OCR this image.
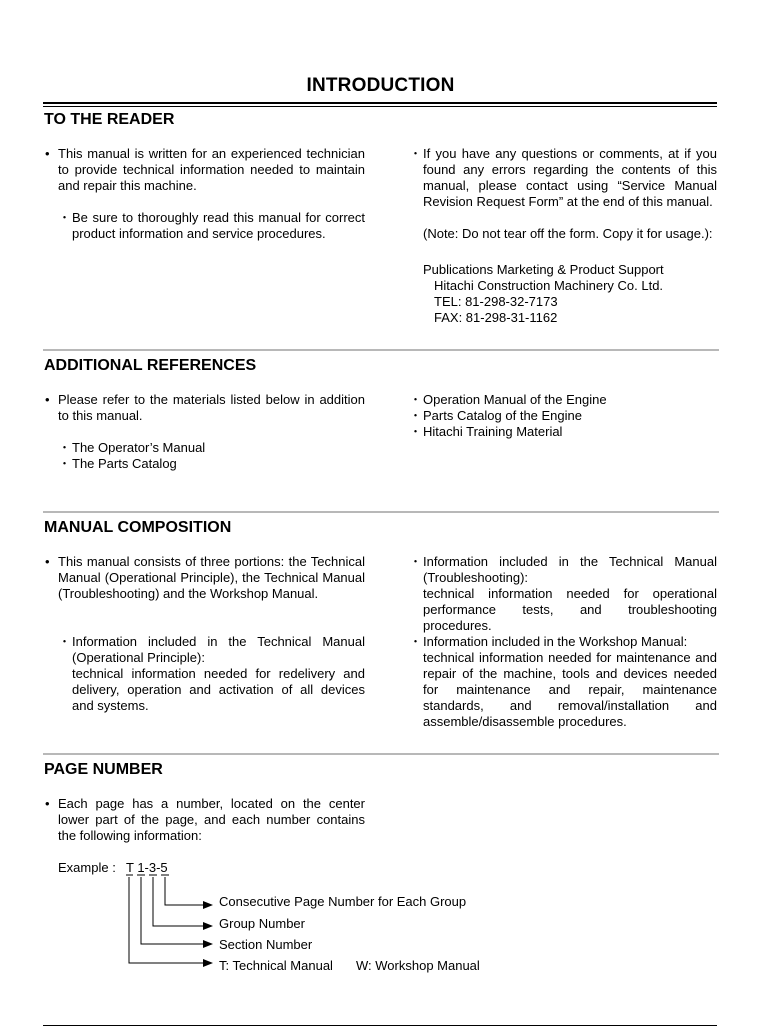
INTRODUCTION
TO THE READER
• This manual is written for an experienced technician to provide technical information needed to maintain and repair this machine.
・ Be sure to thoroughly read this manual for correct product information and service procedures.
・ If you have any questions or comments, at if you found any errors regarding the contents of this manual, please contact using “Service Manual Revision Request Form” at the end of this manual.
(Note: Do not tear off the form. Copy it for usage.):
Publications Marketing & Product Support
Hitachi Construction Machinery Co. Ltd.
TEL: 81-298-32-7173
FAX: 81-298-31-1162
ADDITIONAL REFERENCES
• Please refer to the materials listed below in addition to this manual.
・ The Operator’s Manual
・ The Parts Catalog
・ Operation Manual of the Engine
・ Parts Catalog of the Engine
・ Hitachi Training Material
MANUAL COMPOSITION
• This manual consists of three portions: the Technical Manual (Operational Principle), the Technical Manual (Troubleshooting) and the Workshop Manual.
・ Information included in the Technical Manual (Operational Principle):
technical information needed for redelivery and delivery, operation and activation of all devices and systems.
・ Information included in the Technical Manual (Troubleshooting):
technical information needed for operational performance tests, and troubleshooting procedures.
・ Information included in the Workshop Manual:
technical information needed for maintenance and repair of the machine, tools and devices needed for maintenance and repair, maintenance standards, and removal/installation and assemble/disassemble procedures.
PAGE NUMBER
• Each page has a number, located on the center lower part of the page, and each number contains the following information:
Example : T 1-3-5
Consecutive Page Number for Each Group
Group Number
Section Number
T: Technical Manual W: Workshop Manual
